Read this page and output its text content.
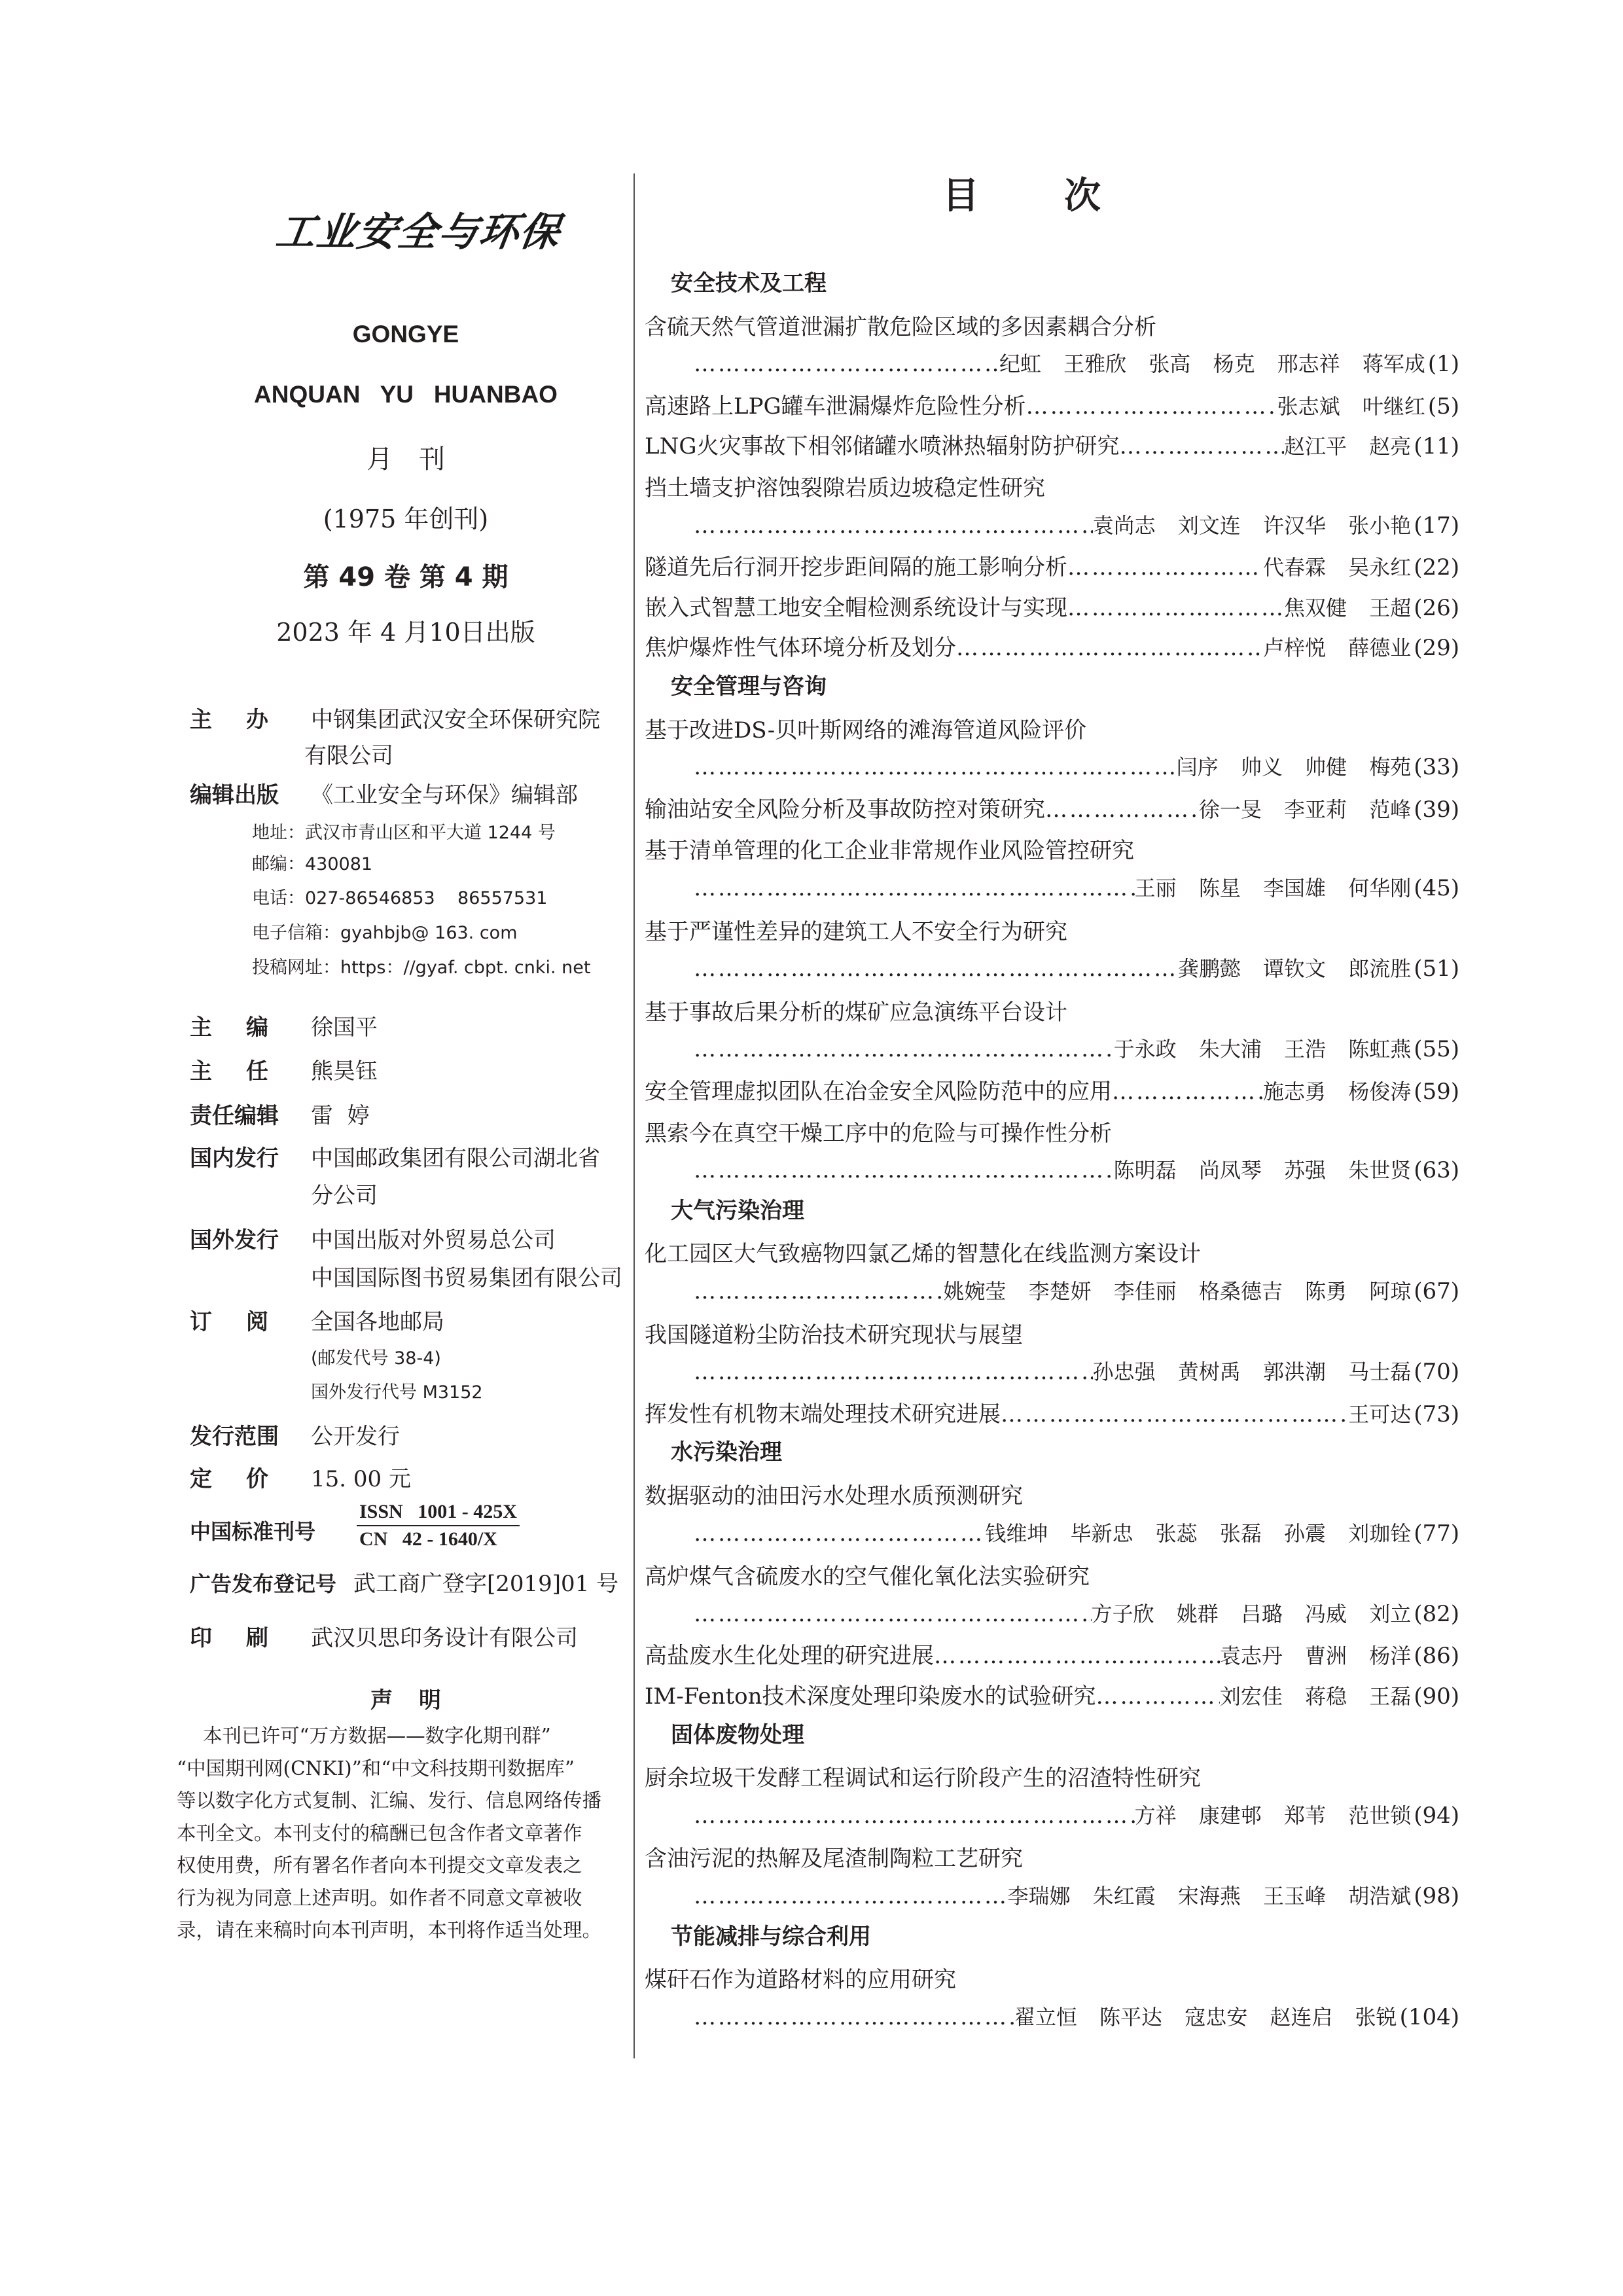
工业安全与环保
GONGYE
ANQUAN   YU   HUANBAO
月刊
(1975 年创刊)
第 49 卷 第 4 期
2023 年 4 月10日出版
主办 中钢集团武汉安全环保研究院
有限公司
编辑出版 《工业安全与环保》编辑部
地址：武汉市青山区和平大道 1244 号
邮编：430081
电话：027-86546853    86557531
电子信箱：gyahbjb@ 163. com
投稿网址：https：//gyaf. cbpt. cnki. net
主编 徐国平
主任 熊昊钰
责任编辑 雷  婷
国内发行 中国邮政集团有限公司湖北省
分公司
国外发行 中国出版对外贸易总公司
中国国际图书贸易集团有限公司
订阅 全国各地邮局
(邮发代号 38-4)
国外发行代号 M3152
发行范围 公开发行
定价 15. 00 元
中国标准刊号
ISSN   1001 - 425X
CN   42 - 1640/X
广告发布登记号 武工商广登字[2019]01 号
印刷 武汉贝思印务设计有限公司
声明
本刊已许可“万方数据——数字化期刊群”
“中国期刊网(CNKI)”和“中文科技期刊数据库”
等以数字化方式复制、汇编、发行、信息网络传播
本刊全文。本刊支付的稿酬已包含作者文章著作
权使用费，所有署名作者向本刊提交文章发表之
行为视为同意上述声明。如作者不同意文章被收
录，请在来稿时向本刊声明，本刊将作适当处理。
目次
安全技术及工程
含硫天然气管道泄漏扩散危险区域的多因素耦合分析
…………………………………………………………………………………………………………………………………………………………………………………………………………………
纪虹 王雅欣 张高 杨克 邢志祥 蒋军成 (1)
高速路上LPG罐车泄漏爆炸危险性分析 …………………………………………………………………………………………………………………………………………………………………………………………………………………	张志斌 叶继红 (5)
LNG火灾事故下相邻储罐水喷淋热辐射防护研究 …………………………………………………………………………………………………………………………………………………………………………………………………………………	赵江平 赵亮 (11)
挡土墙支护溶蚀裂隙岩质边坡稳定性研究
…………………………………………………………………………………………………………………………………………………………………………………………………………………
袁尚志 刘文连 许汉华 张小艳 (17)
隧道先后行洞开挖步距间隔的施工影响分析 …………………………………………………………………………………………………………………………………………………………………………………………………………………	代春霖 吴永红 (22)
嵌入式智慧工地安全帽检测系统设计与实现 …………………………………………………………………………………………………………………………………………………………………………………………………………………	焦双健 王超 (26)
焦炉爆炸性气体环境分析及划分 …………………………………………………………………………………………………………………………………………………………………………………………………………………	卢梓悦 薛德业 (29)
安全管理与咨询
基于改进DS-贝叶斯网络的滩海管道风险评价
…………………………………………………………………………………………………………………………………………………………………………………………………………………
闫序 帅义 帅健 梅苑 (33)
输油站安全风险分析及事故防控对策研究 …………………………………………………………………………………………………………………………………………………………………………………………………………………	徐一旻 李亚莉 范峰 (39)
基于清单管理的化工企业非常规作业风险管控研究
…………………………………………………………………………………………………………………………………………………………………………………………………………………
王丽 陈星 李国雄 何华刚 (45)
基于严谨性差异的建筑工人不安全行为研究
…………………………………………………………………………………………………………………………………………………………………………………………………………………
龚鹏懿 谭钦文 郎流胜 (51)
基于事故后果分析的煤矿应急演练平台设计
…………………………………………………………………………………………………………………………………………………………………………………………………………………
于永政 朱大浦 王浩 陈虹燕 (55)
安全管理虚拟团队在冶金安全风险防范中的应用 …………………………………………………………………………………………………………………………………………………………………………………………………………………	施志勇 杨俊涛 (59)
黑索今在真空干燥工序中的危险与可操作性分析
…………………………………………………………………………………………………………………………………………………………………………………………………………………
陈明磊 尚凤琴 苏强 朱世贤 (63)
大气污染治理
化工园区大气致癌物四氯乙烯的智慧化在线监测方案设计
…………………………………………………………………………………………………………………………………………………………………………………………………………………
姚婉莹 李楚妍 李佳丽 格桑德吉 陈勇 阿琼 (67)
我国隧道粉尘防治技术研究现状与展望
…………………………………………………………………………………………………………………………………………………………………………………………………………………
孙忠强 黄树禹 郭洪潮 马士磊 (70)
挥发性有机物末端处理技术研究进展 …………………………………………………………………………………………………………………………………………………………………………………………………………………	王可达 (73)
水污染治理
数据驱动的油田污水处理水质预测研究
…………………………………………………………………………………………………………………………………………………………………………………………………………………
钱维坤 毕新忠 张蕊 张磊 孙震 刘珈铨 (77)
高炉煤气含硫废水的空气催化氧化法实验研究
…………………………………………………………………………………………………………………………………………………………………………………………………………………
方子欣 姚群 吕璐 冯威 刘立 (82)
高盐废水生化处理的研究进展 …………………………………………………………………………………………………………………………………………………………………………………………………………………	袁志丹 曹洲 杨洋 (86)
IM-Fenton技术深度处理印染废水的试验研究 …………………………………………………………………………………………………………………………………………………………………………………………………………………	刘宏佳 蒋稳 王磊 (90)
固体废物处理
厨余垃圾干发酵工程调试和运行阶段产生的沼渣特性研究
…………………………………………………………………………………………………………………………………………………………………………………………………………………
方祥 康建邨 郑苇 范世锁 (94)
含油污泥的热解及尾渣制陶粒工艺研究
…………………………………………………………………………………………………………………………………………………………………………………………………………………
李瑞娜 朱红霞 宋海燕 王玉峰 胡浩斌 (98)
节能减排与综合利用
煤矸石作为道路材料的应用研究
…………………………………………………………………………………………………………………………………………………………………………………………………………………
翟立恒 陈平达 寇忠安 赵连启 张锐 (104)
